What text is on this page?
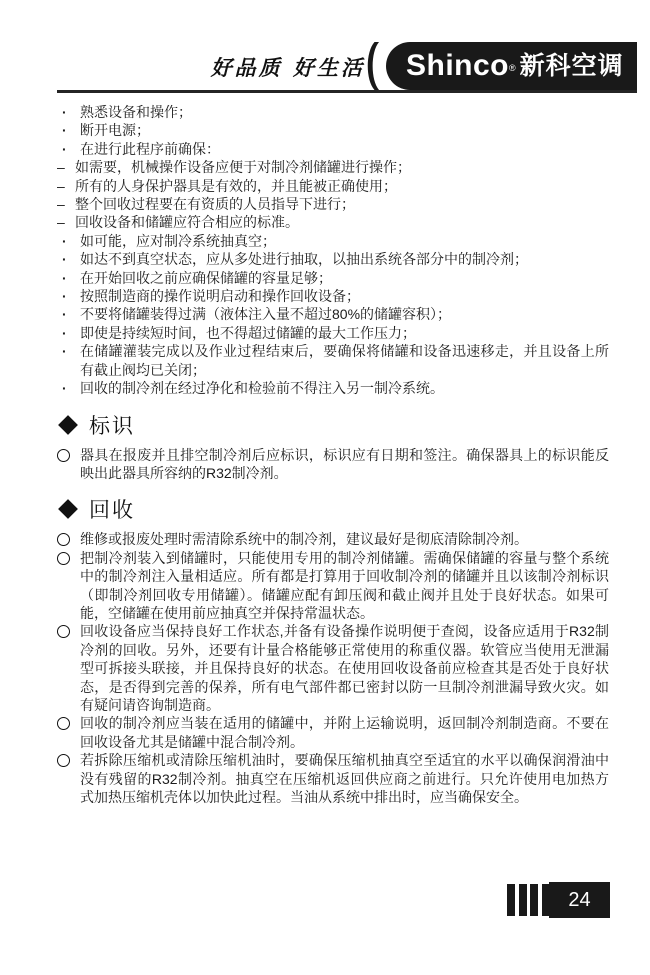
好品质 好生活 Shinco ® 新科空调
· 熟悉设备和操作；
· 断开电源；
· 在进行此程序前确保：
– 如需要，机械操作设备应便于对制冷剂储罐进行操作；
– 所有的人身保护器具是有效的，并且能被正确使用；
– 整个回收过程要在有资质的人员指导下进行；
– 回收设备和储罐应符合相应的标准。
· 如可能，应对制冷系统抽真空；
· 如达不到真空状态，应从多处进行抽取，以抽出系统各部分中的制冷剂；
· 在开始回收之前应确保储罐的容量足够；
· 按照制造商的操作说明启动和操作回收设备；
· 不要将储罐装得过满（液体注入量不超过80%的储罐容积）；
· 即使是持续短时间，也不得超过储罐的最大工作压力；
· 在储罐灌装完成以及作业过程结束后，要确保将储罐和设备迅速移走，并且设备上所有截止阀均已关闭；
· 回收的制冷剂在经过净化和检验前不得注入另一制冷系统。
标识
器具在报废并且排空制冷剂后应标识，标识应有日期和签注。确保器具上的标识能反映出此器具所容纳的R32制冷剂。
回收
维修或报废处理时需清除系统中的制冷剂，建议最好是彻底清除制冷剂。
把制冷剂装入到储罐时，只能使用专用的制冷剂储罐。需确保储罐的容量与整个系统中的制冷剂注入量相适应。所有都是打算用于回收制冷剂的储罐并且以该制冷剂标识（即制冷剂回收专用储罐）。储罐应配有卸压阀和截止阀并且处于良好状态。如果可能，空储罐在使用前应抽真空并保持常温状态。
回收设备应当保持良好工作状态,并备有设备操作说明便于查阅，设备应适用于R32制冷剂的回收。另外，还要有计量合格能够正常使用的称重仪器。软管应当使用无泄漏型可拆接头联接，并且保持良好的状态。在使用回收设备前应检查其是否处于良好状态，是否得到完善的保养，所有电气部件都已密封以防一旦制冷剂泄漏导致火灾。如有疑问请咨询制造商。
回收的制冷剂应当装在适用的储罐中，并附上运输说明，返回制冷剂制造商。不要在回收设备尤其是储罐中混合制冷剂。
若拆除压缩机或清除压缩机油时，要确保压缩机抽真空至适宜的水平以确保润滑油中没有残留的R32制冷剂。抽真空在压缩机返回供应商之前进行。只允许使用电加热方式加热压缩机壳体以加快此过程。当油从系统中排出时，应当确保安全。
24
